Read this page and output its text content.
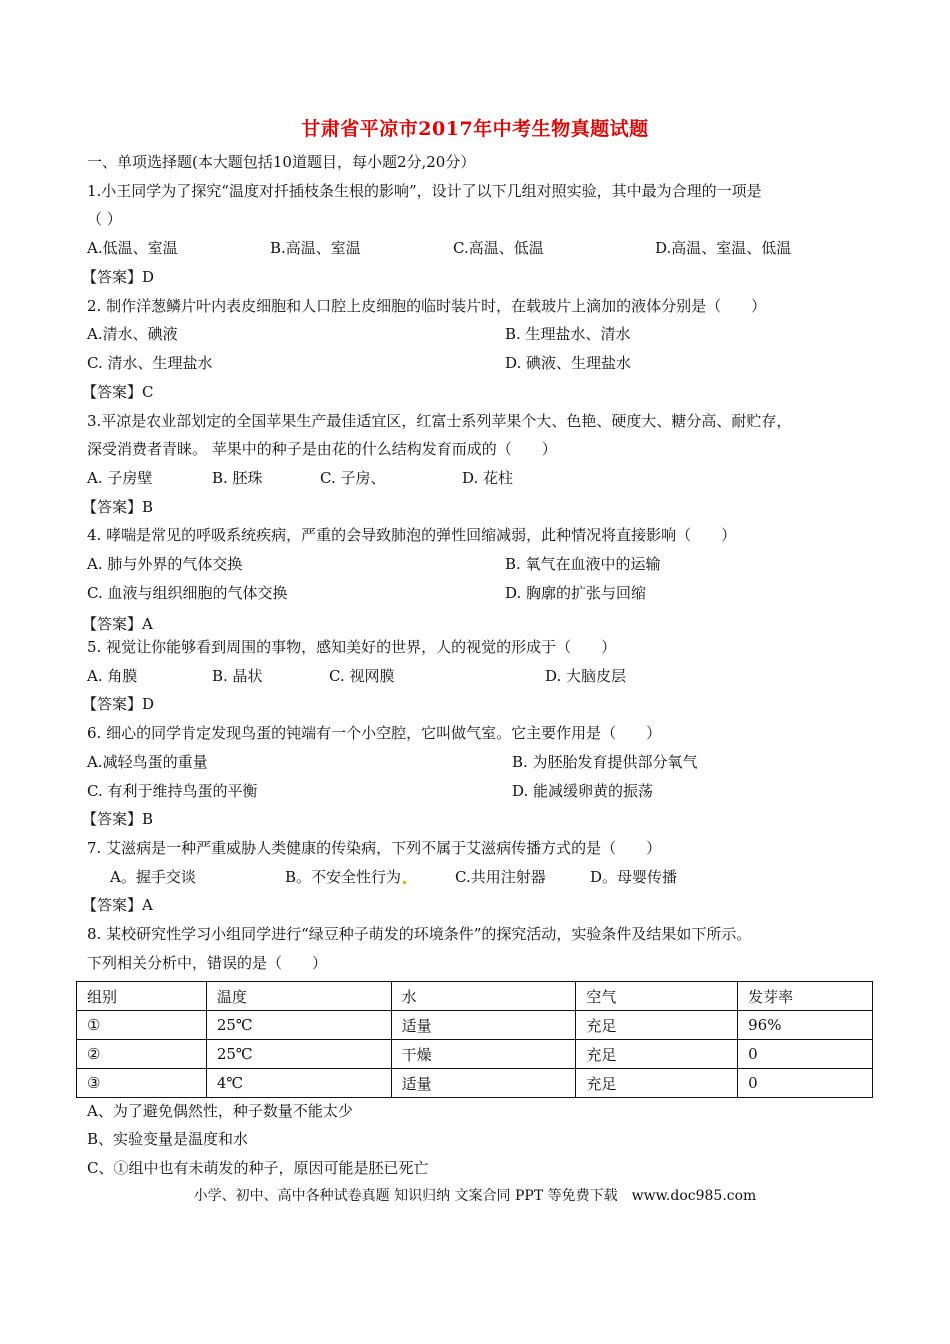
甘肃省平凉市2017年中考生物真题试题
一、单项选择题(本大题包括10道题目，每小题2分,20分）
1.小王同学为了探究“温度对扦插枝条生根的影响”，设计了以下几组对照实验，其中最为合理的一项是
（ ）
A.低温、室温	B.高温、室温	C.高温、低温	D.高温、室温、低温
【答案】D
2. 制作洋葱鳞片叶内表皮细胞和人口腔上皮细胞的临时装片时，在载玻片上滴加的液体分别是（　　）
A.清水、碘液	B. 生理盐水、清水
C. 清水、生理盐水	D. 碘液、生理盐水
【答案】C
3.平凉是农业部划定的全国苹果生产最佳适宜区，红富士系列苹果个大、色艳、硬度大、糖分高、耐贮存，
深受消费者青睐。 苹果中的种子是由花的什么结构发育而成的（　　）
A. 子房壁	B. 胚珠	C. 子房、	D. 花柱
【答案】B
4. 哮喘是常见的呼吸系统疾病，严重的会导致肺泡的弹性回缩减弱，此种情况将直接影响（　　）
A. 肺与外界的气体交换	B. 氧气在血液中的运输
C. 血液与组织细胞的气体交换	D. 胸廓的扩张与回缩
【答案】A
5. 视觉让你能够看到周围的事物，感知美好的世界，人的视觉的形成于（　　）
A. 角膜	B. 晶状	C. 视网膜	D. 大脑皮层
【答案】D
6. 细心的同学肯定发现鸟蛋的钝端有一个小空腔，它叫做气室。它主要作用是（　　）
A.减轻鸟蛋的重量	B. 为胚胎发育提供部分氧气
C. 有利于维持鸟蛋的平衡	D. 能减缓卵黄的振荡
【答案】B
7. 艾滋病是一种严重威胁人类健康的传染病，下列不属于艾滋病传播方式的是（　　）
A。握手交谈	B。不安全性行为	C.共用注射器	D。母婴传播
【答案】A
8. 某校研究性学习小组同学进行“绿豆种子萌发的环境条件”的探究活动，实验条件及结果如下所示。
下列相关分析中，错误的是（　　）
组别	温度	水	空气	发芽率
①	25℃	适量	充足	96%
②	25℃	干燥	充足	0
③	4℃	适量	充足	0
A、为了避免偶然性，种子数量不能太少
B、实验变量是温度和水
C、①组中也有未萌发的种子，原因可能是胚已死亡
小学、初中、高中各种试卷真题 知识归纳 文案合同 PPT 等免费下载　www.doc985.com
